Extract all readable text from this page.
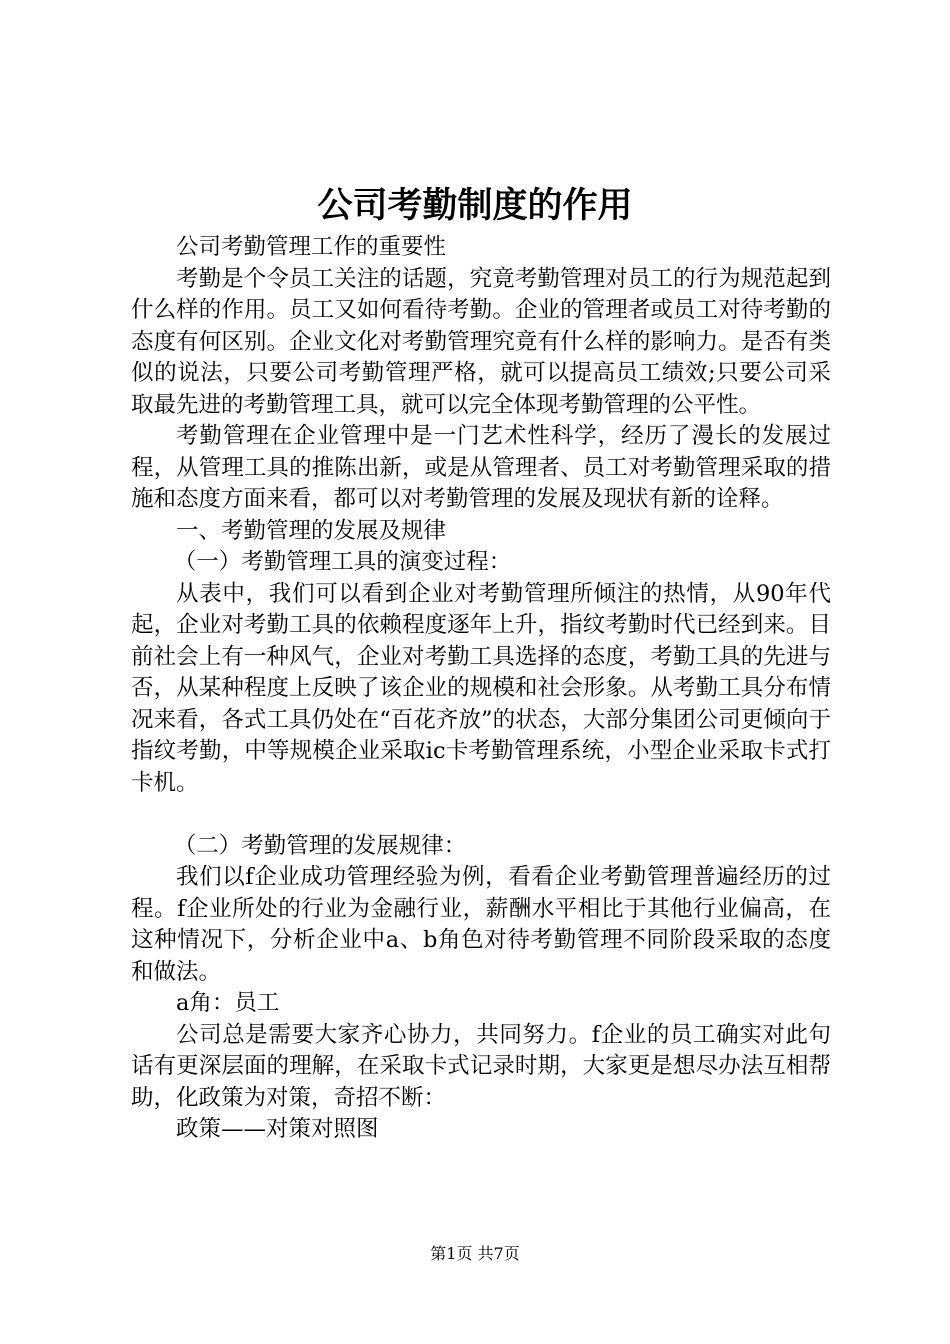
公司考勤制度的作用

公司考勤管理工作的重要性

考勤是个令员工关注的话题，究竟考勤管理对员工的行为规范起到什么样的作用。员工又如何看待考勤。企业的管理者或员工对待考勤的态度有何区别。企业文化对考勤管理究竟有什么样的影响力。是否有类似的说法，只要公司考勤管理严格，就可以提高员工绩效;只要公司采取最先进的考勤管理工具，就可以完全体现考勤管理的公平性。

考勤管理在企业管理中是一门艺术性科学，经历了漫长的发展过程，从管理工具的推陈出新，或是从管理者、员工对考勤管理采取的措施和态度方面来看，都可以对考勤管理的发展及现状有新的诠释。

一、考勤管理的发展及规律

（一）考勤管理工具的演变过程：

从表中，我们可以看到企业对考勤管理所倾注的热情，从90年代起，企业对考勤工具的依赖程度逐年上升，指纹考勤时代已经到来。目前社会上有一种风气，企业对考勤工具选择的态度，考勤工具的先进与否，从某种程度上反映了该企业的规模和社会形象。从考勤工具分布情况来看，各式工具仍处在“百花齐放”的状态，大部分集团公司更倾向于指纹考勤，中等规模企业采取ic卡考勤管理系统，小型企业采取卡式打卡机。

（二）考勤管理的发展规律：

我们以f企业成功管理经验为例，看看企业考勤管理普遍经历的过程。f企业所处的行业为金融行业，薪酬水平相比于其他行业偏高，在这种情况下，分析企业中a、b角色对待考勤管理不同阶段采取的态度和做法。

a角：员工

公司总是需要大家齐心协力，共同努力。f企业的员工确实对此句话有更深层面的理解，在采取卡式记录时期，大家更是想尽办法互相帮助，化政策为对策，奇招不断：

政策——对策对照图

第1页 共7页
